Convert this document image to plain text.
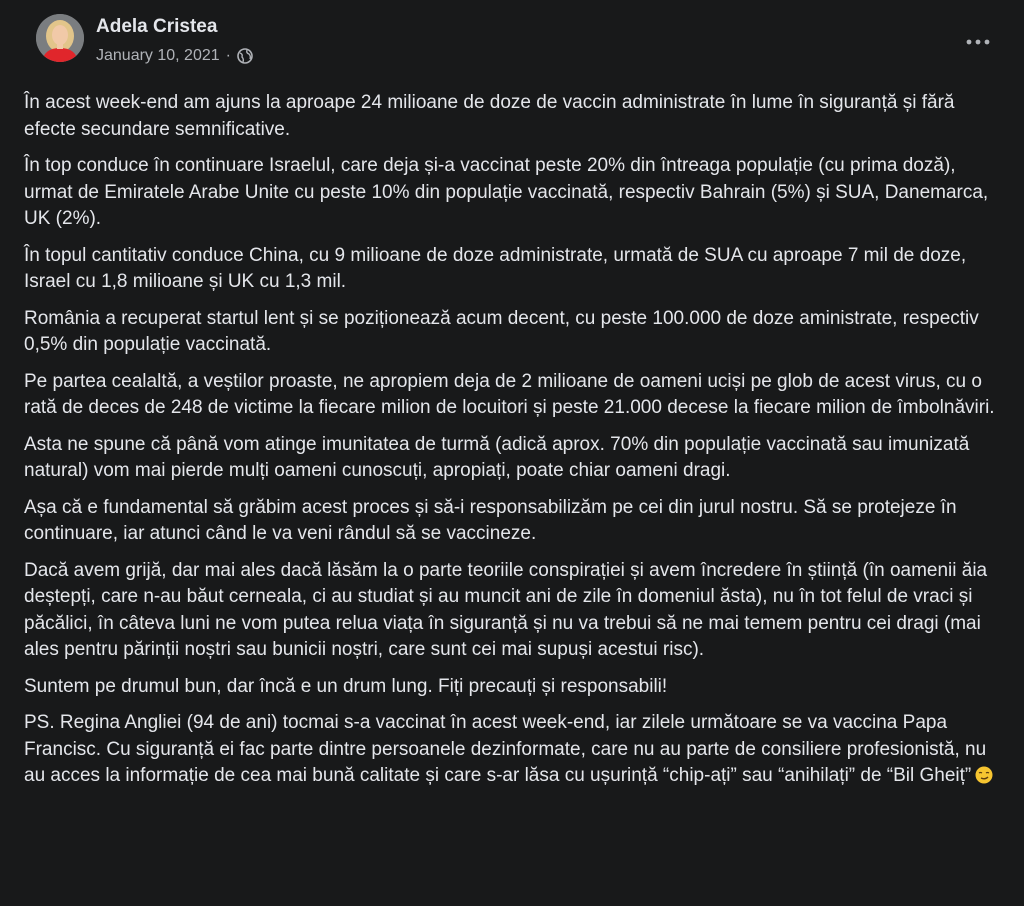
Adela Cristea
January 10, 2021 ·

În acest week-end am ajuns la aproape 24 milioane de doze de vaccin administrate în lume în siguranță și fără efecte secundare semnificative.

În top conduce în continuare Israelul, care deja și-a vaccinat peste 20% din întreaga populație (cu prima doză), urmat de Emiratele Arabe Unite cu peste 10% din populație vaccinată, respectiv Bahrain (5%) și SUA, Danemarca, UK (2%).

În topul cantitativ conduce China, cu 9 milioane de doze administrate, urmată de SUA cu aproape 7 mil de doze, Israel cu 1,8 milioane și UK cu 1,3 mil.

România a recuperat startul lent și se poziționează acum decent, cu peste 100.000 de doze aministrate, respectiv 0,5% din populație vaccinată.

Pe partea cealaltă, a veștilor proaste, ne apropiem deja de 2 milioane de oameni uciși pe glob de acest virus, cu o rată de deces de 248 de victime la fiecare milion de locuitori și peste 21.000 decese la fiecare milion de îmbolnăviri.

Asta ne spune că până vom atinge imunitatea de turmă (adică aprox. 70% din populație vaccinată sau imunizată natural) vom mai pierde mulți oameni cunoscuți, apropiați, poate chiar oameni dragi.

Așa că e fundamental să grăbim acest proces și să-i responsabilizăm pe cei din jurul nostru. Să se protejeze în continuare, iar atunci când le va veni rândul să se vaccineze.

Dacă avem grijă, dar mai ales dacă lăsăm la o parte teoriile conspirației și avem încredere în știință (în oamenii ăia deștepți, care n-au băut cerneala, ci au studiat și au muncit ani de zile în domeniul ăsta), nu în tot felul de vraci și păcălici, în câteva luni ne vom putea relua viața în siguranță și nu va trebui să ne mai temem pentru cei dragi (mai ales pentru părinții noștri sau bunicii noștri, care sunt cei mai supuși acestui risc).

Suntem pe drumul bun, dar încă e un drum lung. Fiți precauți și responsabili!

PS. Regina Angliei (94 de ani) tocmai s-a vaccinat în acest week-end, iar zilele următoare se va vaccina Papa Francisc. Cu siguranță ei fac parte dintre persoanele dezinformate, care nu au parte de consiliere profesionistă, nu au acces la informație de cea mai bună calitate și care s-ar lăsa cu ușurință “chip-ați” sau “anihilați” de “Bil Gheiț”
